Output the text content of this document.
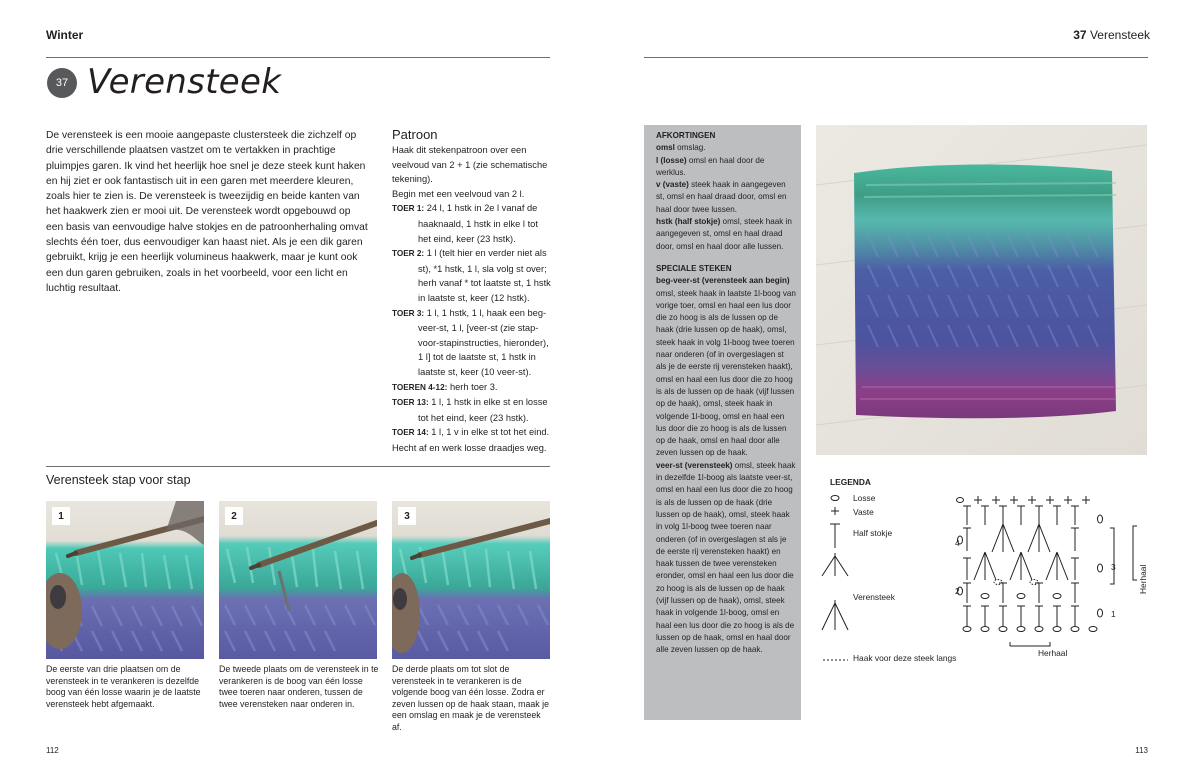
Winter
37 Verensteek
De verensteek is een mooie aangepaste clustersteek die zichzelf op drie verschillende plaatsen vastzet om te vertakken in prachtige pluimpjes garen. Ik vind het heerlijk hoe snel je deze steek kunt haken en hij ziet er ook fantastisch uit in een garen met meerdere kleuren, zoals hier te zien is. De verensteek is tweezijdig en beide kanten van het haakwerk zien er mooi uit. De verensteek wordt opgebouwd op een basis van eenvoudige halve stokjes en de patroonherhaling omvat slechts één toer, dus eenvoudiger kan haast niet. Als je een dik garen gebruikt, krijg je een heerlijk volumineus haakwerk, maar je kunt ook een dun garen gebruiken, zoals in het voorbeeld, voor een licht en luchtig resultaat.
Patroon

Haak dit stekenpatroon over een veelvoud van 2 + 1 (zie schematische tekening).

Begin met een veelvoud van 2 l.

TOER 1: 24 l, 1 hstk in 2e l vanaf de haaknaald, 1 hstk in elke l tot het eind, keer (23 hstk).

TOER 2: 1 l (telt hier en verder niet als st), *1 hstk, 1 l, sla volg st over; herh vanaf * tot laatste st, 1 hstk in laatste st, keer (12 hstk).

TOER 3: 1 l, 1 hstk, 1 l, haak een beg-veer-st, 1 l, [veer-st (zie stap-voor-stapinstructies, hieronder), 1 l] tot de laatste st, 1 hstk in laatste st, keer (10 veer-st).

TOEREN 4-12: herh toer 3.

TOER 13: 1 l, 1 hstk in elke st en losse tot het eind, keer (23 hstk).

TOER 14: 1 l, 1 v in elke st tot het eind.

Hecht af en werk losse draadjes weg.

Verensteek stap voor stap
1	2	3
De eerste van drie plaatsen om de verensteek in te verankeren is dezelfde boog van één losse waarin je de laatste verensteek hebt afgemaakt.
De tweede plaats om de verensteek in te verankeren is de boog van één losse twee toeren naar onderen, tussen de twee verensteken naar onderen in.
De derde plaats om tot slot de verensteek in te verankeren is de volgende boog van één losse. Zodra er zeven lussen op de haak staan, maak je een omslag en maak je de verensteek af.
112
37 Verensteek
AFKORTINGEN
omsl omslag.
l (losse) omsl en haal door de werklus.
v (vaste) steek haak in aangegeven st, omsl en haal draad door, omsl en haal door twee lussen.
hstk (half stokje) omsl, steek haak in aangegeven st, omsl en haal draad door, omsl en haal door alle lussen.
SPECIALE STEKEN
beg-veer-st (verensteek aan begin) omsl, steek haak in laatste 1l-boog van vorige toer, omsl en haal een lus door die zo hoog is als de lussen op de haak (drie lussen op de haak), omsl, steek haak in volg 1l-boog twee toeren naar onderen (of in overgeslagen st als je de eerste rij verensteken haakt), omsl en haal een lus door die zo hoog is als de lussen op de haak (vijf lussen op de haak), omsl, steek haak in volgende 1l-boog, omsl en haal een lus door die zo hoog is als de lussen op de haak, omsl en haal door alle zeven lussen op de haak.
veer-st (verensteek) omsl, steek haak in dezelfde 1l-boog als laatste veer-st, omsl en haal een lus door die zo hoog is als de lussen op de haak (drie lussen op de haak), omsl, steek haak in volg 1l-boog twee toeren naar onderen (of in overgeslagen st als je de eerste rij verensteken haakt) en haak tussen de twee verensteken eronder, omsl en haal een lus door die zo hoog is als de lussen op de haak (vijf lussen op de haak), omsl, steek haak in volgende 1l-boog, omsl en haal een lus door die zo hoog is als de lussen op de haak, omsl en haal door alle zeven lussen op de haak.
LEGENDA
Losse
Vaste
Half stokje
Verensteek
Haak voor deze steek langs
4
3
2
1
Herhaal
Herhaal
113
